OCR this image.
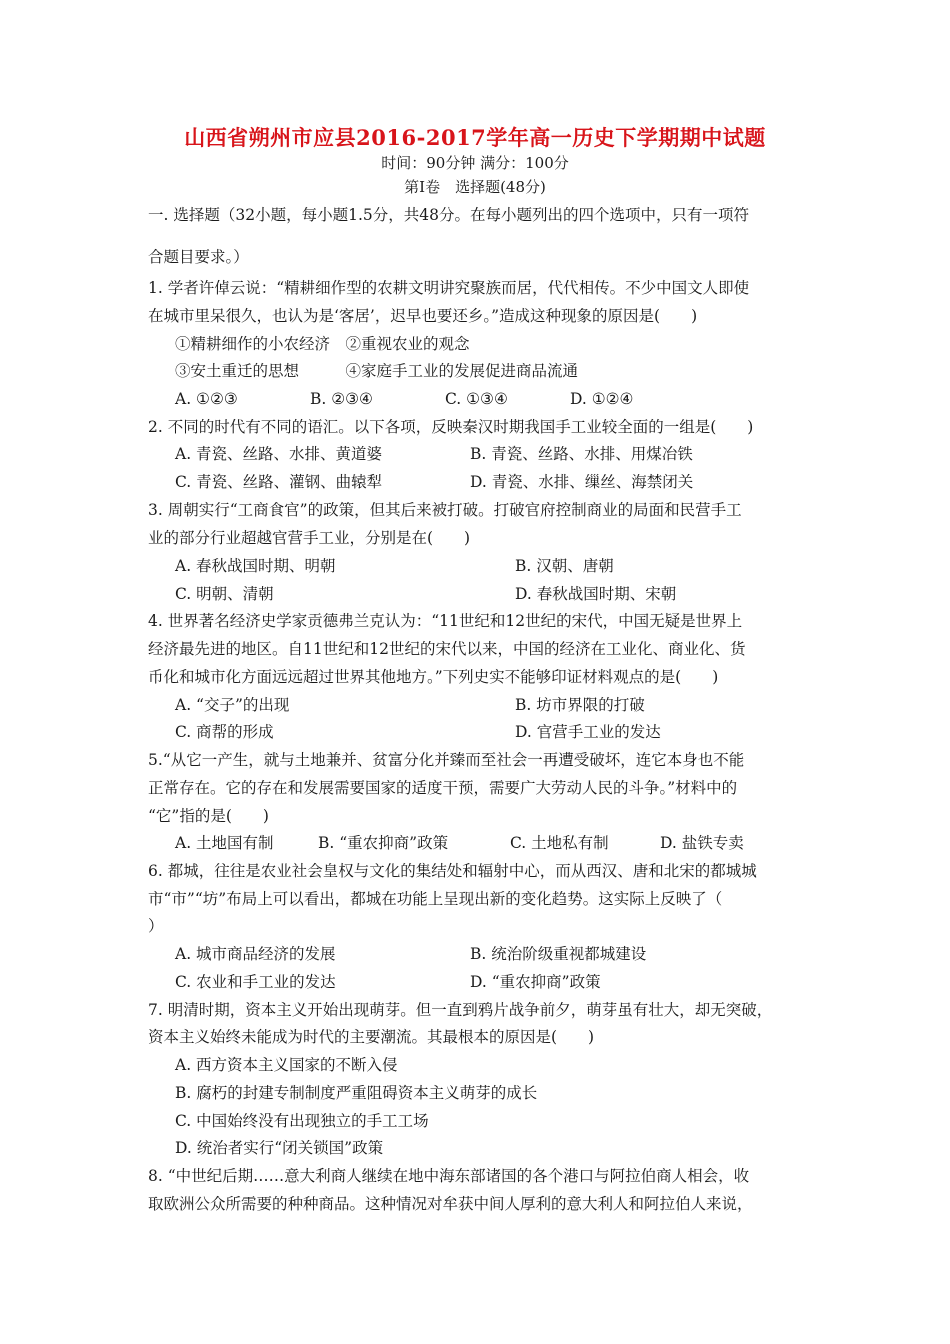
山西省朔州市应县2016-2017学年高一历史下学期期中试题
时间：90分钟 满分：100分
第Ⅰ卷　选择题(48分)
一. 选择题（32小题，每小题1.5分，共48分。在每小题列出的四个选项中，只有一项符
合题目要求。）
1. 学者许倬云说：“精耕细作型的农耕文明讲究聚族而居，代代相传。不少中国文人即使
在城市里呆很久，也认为是‘客居’，迟早也要还乡。”造成这种现象的原因是(　　)
①精耕细作的小农经济　②重视农业的观念
③安土重迁的思想　　　④家庭手工业的发展促进商品流通
A. ①②③	B. ②③④	C. ①③④	D. ①②④
2. 不同的时代有不同的语汇。以下各项，反映秦汉时期我国手工业较全面的一组是(　　)
A. 青瓷、丝路、水排、黄道婆	B. 青瓷、丝路、水排、用煤冶铁
C. 青瓷、丝路、灌钢、曲辕犁	D. 青瓷、水排、缫丝、海禁闭关
3. 周朝实行“工商食官”的政策，但其后来被打破。打破官府控制商业的局面和民营手工
业的部分行业超越官营手工业，分别是在(　　)
A. 春秋战国时期、明朝	B. 汉朝、唐朝
C. 明朝、清朝	D. 春秋战国时期、宋朝
4. 世界著名经济史学家贡德弗兰克认为：“11世纪和12世纪的宋代，中国无疑是世界上
经济最先进的地区。自11世纪和12世纪的宋代以来，中国的经济在工业化、商业化、货
币化和城市化方面远远超过世界其他地方。”下列史实不能够印证材料观点的是(　　)
A. “交子”的出现	B. 坊市界限的打破
C. 商帮的形成	D. 官营手工业的发达
5.“从它一产生，就与土地兼并、贫富分化并臻而至社会一再遭受破坏，连它本身也不能
正常存在。它的存在和发展需要国家的适度干预，需要广大劳动人民的斗争。”材料中的
“它”指的是(　　)
A. 土地国有制	B. “重农抑商”政策	C. 土地私有制	D. 盐铁专卖
6. 都城，往往是农业社会皇权与文化的集结处和辐射中心，而从西汉、唐和北宋的都城城
市“市”“坊”布局上可以看出，都城在功能上呈现出新的变化趋势。这实际上反映了（
）
A. 城市商品经济的发展	B. 统治阶级重视都城建设
C. 农业和手工业的发达	D. “重农抑商”政策
7. 明清时期，资本主义开始出现萌芽。但一直到鸦片战争前夕，萌芽虽有壮大，却无突破，
资本主义始终未能成为时代的主要潮流。其最根本的原因是(　　)
A. 西方资本主义国家的不断入侵
B. 腐朽的封建专制制度严重阻碍资本主义萌芽的成长
C. 中国始终没有出现独立的手工工场
D. 统治者实行“闭关锁国”政策
8. “中世纪后期……意大利商人继续在地中海东部诸国的各个港口与阿拉伯商人相会，收
取欧洲公众所需要的种种商品。这种情况对牟获中间人厚利的意大利人和阿拉伯人来说，
